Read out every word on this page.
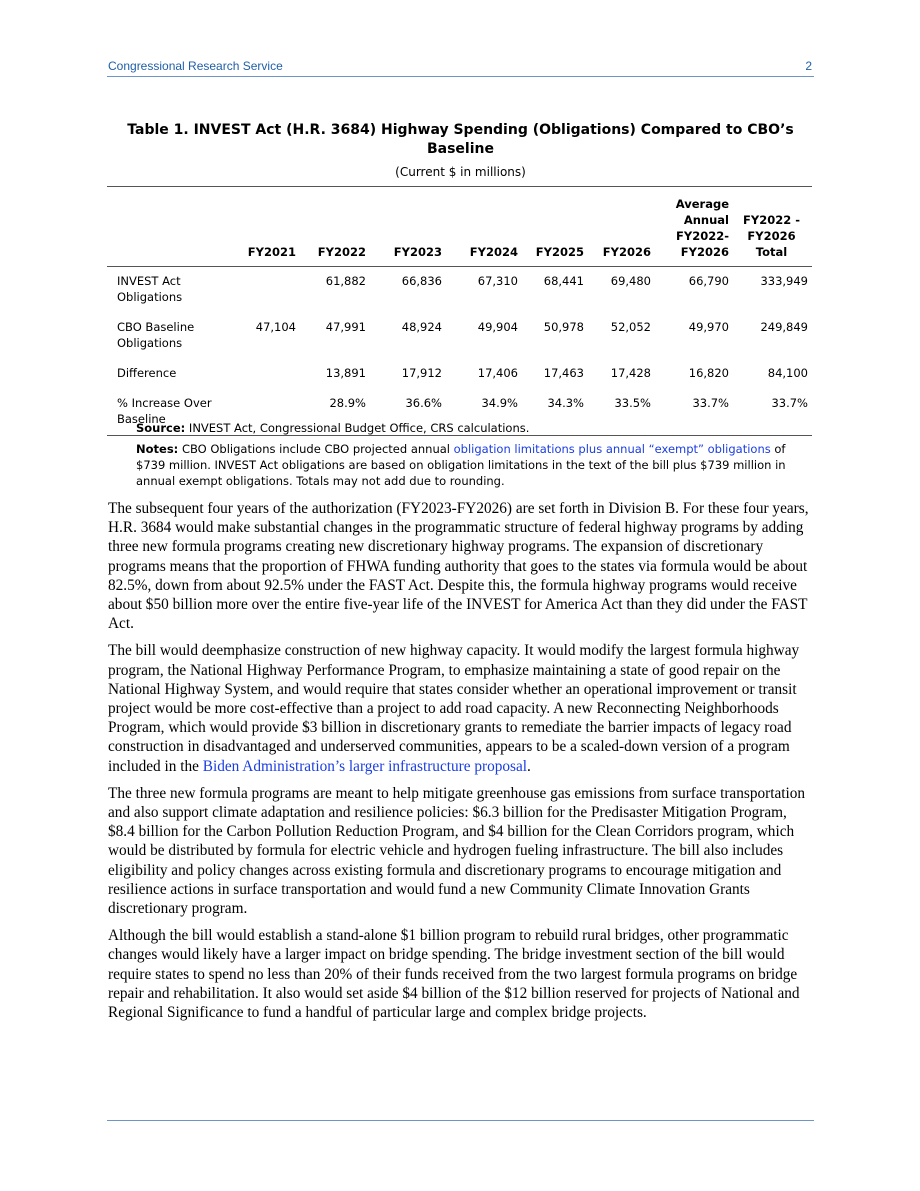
Congressional Research Service	2
Table 1. INVEST Act (H.R. 3684) Highway Spending (Obligations) Compared to CBO’s Baseline
(Current $ in millions)
	FY2021	FY2022	FY2023	FY2024	FY2025	FY2026	Average Annual FY2022-FY2026	FY2022 - FY2026 Total
INVEST Act Obligations		61,882	66,836	67,310	68,441	69,480	66,790	333,949
CBO Baseline Obligations	47,104	47,991	48,924	49,904	50,978	52,052	49,970	249,849
Difference		13,891	17,912	17,406	17,463	17,428	16,820	84,100
% Increase Over Baseline		28.9%	36.6%	34.9%	34.3%	33.5%	33.7%	33.7%

Source: INVEST Act, Congressional Budget Office, CRS calculations.

Notes: CBO Obligations include CBO projected annual obligation limitations plus annual “exempt” obligations of $739 million. INVEST Act obligations are based on obligation limitations in the text of the bill plus $739 million in annual exempt obligations. Totals may not add due to rounding.

The subsequent four years of the authorization (FY2023-FY2026) are set forth in Division B. For these four years, H.R. 3684 would make substantial changes in the programmatic structure of federal highway programs by adding three new formula programs creating new discretionary highway programs. The expansion of discretionary programs means that the proportion of FHWA funding authority that goes to the states via formula would be about 82.5%, down from about 92.5% under the FAST Act. Despite this, the formula highway programs would receive about $50 billion more over the entire five-year life of the INVEST for America Act than they did under the FAST Act.

The bill would deemphasize construction of new highway capacity. It would modify the largest formula highway program, the National Highway Performance Program, to emphasize maintaining a state of good repair on the National Highway System, and would require that states consider whether an operational improvement or transit project would be more cost-effective than a project to add road capacity. A new Reconnecting Neighborhoods Program, which would provide $3 billion in discretionary grants to remediate the barrier impacts of legacy road construction in disadvantaged and underserved communities, appears to be a scaled-down version of a program included in the Biden Administration’s larger infrastructure proposal.

The three new formula programs are meant to help mitigate greenhouse gas emissions from surface transportation and also support climate adaptation and resilience policies: $6.3 billion for the Predisaster Mitigation Program, $8.4 billion for the Carbon Pollution Reduction Program, and $4 billion for the Clean Corridors program, which would be distributed by formula for electric vehicle and hydrogen fueling infrastructure. The bill also includes eligibility and policy changes across existing formula and discretionary programs to encourage mitigation and resilience actions in surface transportation and would fund a new Community Climate Innovation Grants discretionary program.

Although the bill would establish a stand-alone $1 billion program to rebuild rural bridges, other programmatic changes would likely have a larger impact on bridge spending. The bridge investment section of the bill would require states to spend no less than 20% of their funds received from the two largest formula programs on bridge repair and rehabilitation. It also would set aside $4 billion of the $12 billion reserved for projects of National and Regional Significance to fund a handful of particular large and complex bridge projects.
